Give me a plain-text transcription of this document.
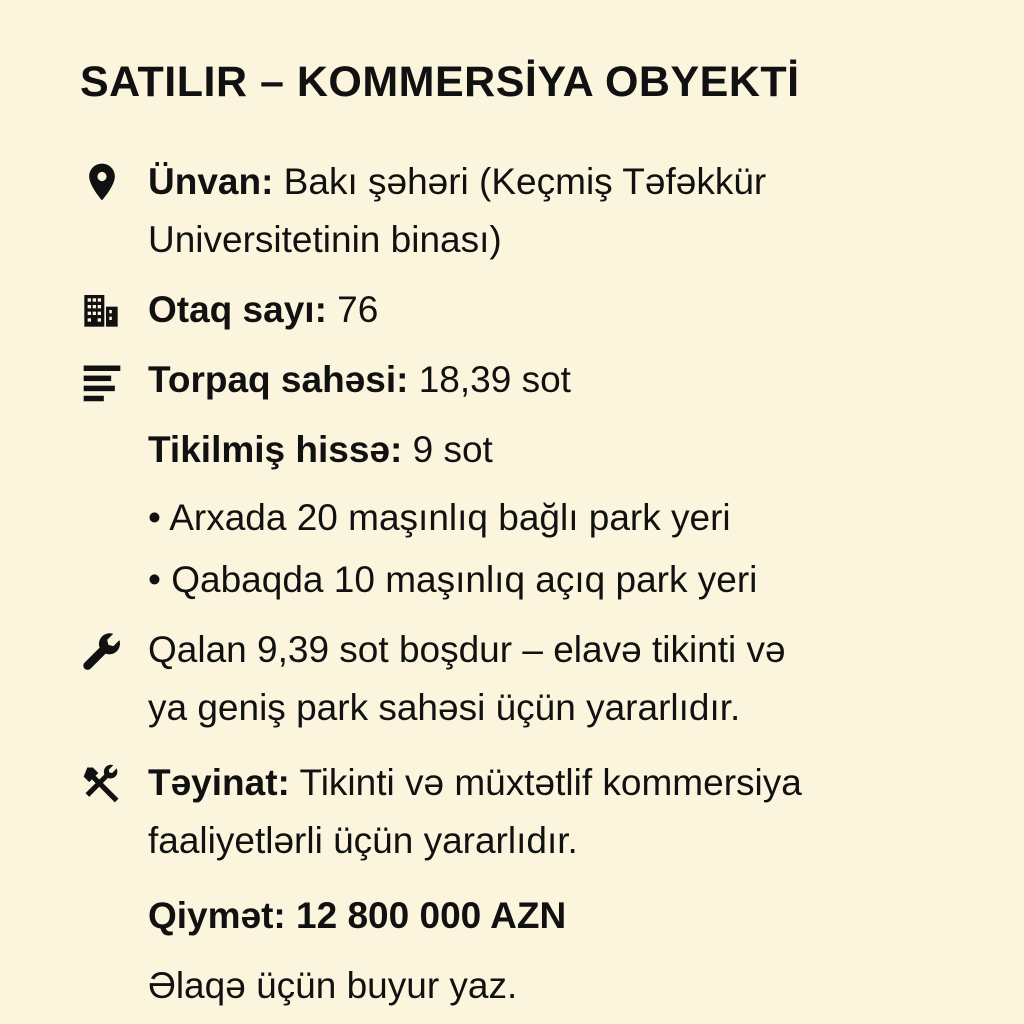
SATILIR – KOMMERSİYA OBYEKTİ
Ünvan: Bakı şəhəri (Keçmiş Təfəkkür
Universitetinin binası)
Otaq sayı: 76
Torpaq sahəsi: 18,39 sot
Tikilmiş hissə: 9 sot
• Arxada 20 maşınlıq bağlı park yeri
• Qabaqda 10 maşınlıq açıq park yeri
Qalan 9,39 sot boşdur – elavə tikinti və
ya geniş park sahəsi üçün yararlıdır.
Təyinat: Tikinti və müxtətlif kommersiya
faaliyetlərli üçün yararlıdır.
Qiymət: 12 800 000 AZN
Əlaqə üçün buyur yaz.
